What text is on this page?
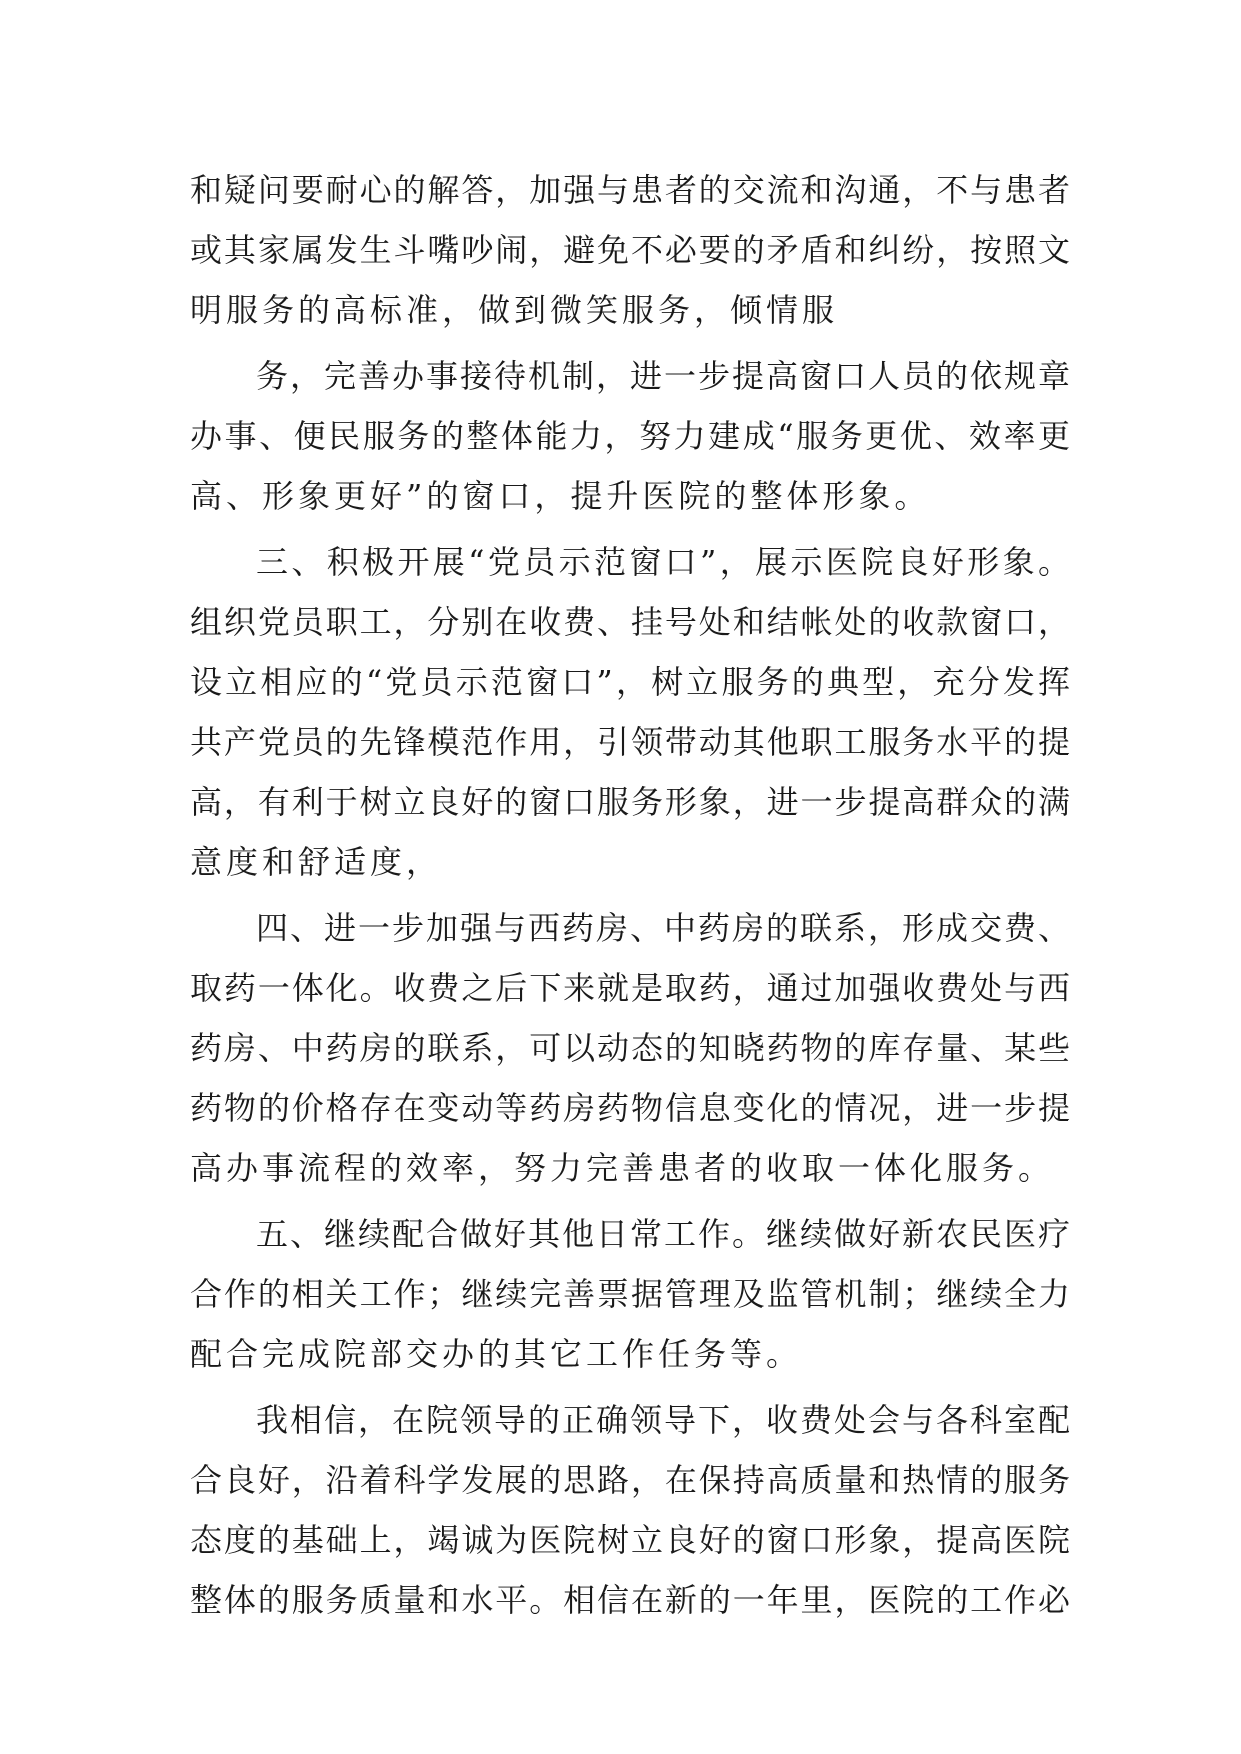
和疑问要耐心的解答，加强与患者的交流和沟通，不与患者
或其家属发生斗嘴吵闹，避免不必要的矛盾和纠纷，按照文
明服务的高标准，做到微笑服务，倾情服
务，完善办事接待机制，进一步提高窗口人员的依规章
办事、便民服务的整体能力，努力建成“服务更优、效率更
高、形象更好”的窗口，提升医院的整体形象。
三、积极开展“党员示范窗口”，展示医院良好形象。
组织党员职工，分别在收费、挂号处和结帐处的收款窗口，
设立相应的“党员示范窗口”，树立服务的典型，充分发挥
共产党员的先锋模范作用，引领带动其他职工服务水平的提
高，有利于树立良好的窗口服务形象，进一步提高群众的满
意度和舒适度，
四、进一步加强与西药房、中药房的联系，形成交费、
取药一体化。收费之后下来就是取药，通过加强收费处与西
药房、中药房的联系，可以动态的知晓药物的库存量、某些
药物的价格存在变动等药房药物信息变化的情况，进一步提
高办事流程的效率，努力完善患者的收取一体化服务。
五、继续配合做好其他日常工作。继续做好新农民医疗
合作的相关工作；继续完善票据管理及监管机制；继续全力
配合完成院部交办的其它工作任务等。
我相信，在院领导的正确领导下，收费处会与各科室配
合良好，沿着科学发展的思路，在保持高质量和热情的服务
态度的基础上，竭诚为医院树立良好的窗口形象，提高医院
整体的服务质量和水平。相信在新的一年里，医院的工作必
